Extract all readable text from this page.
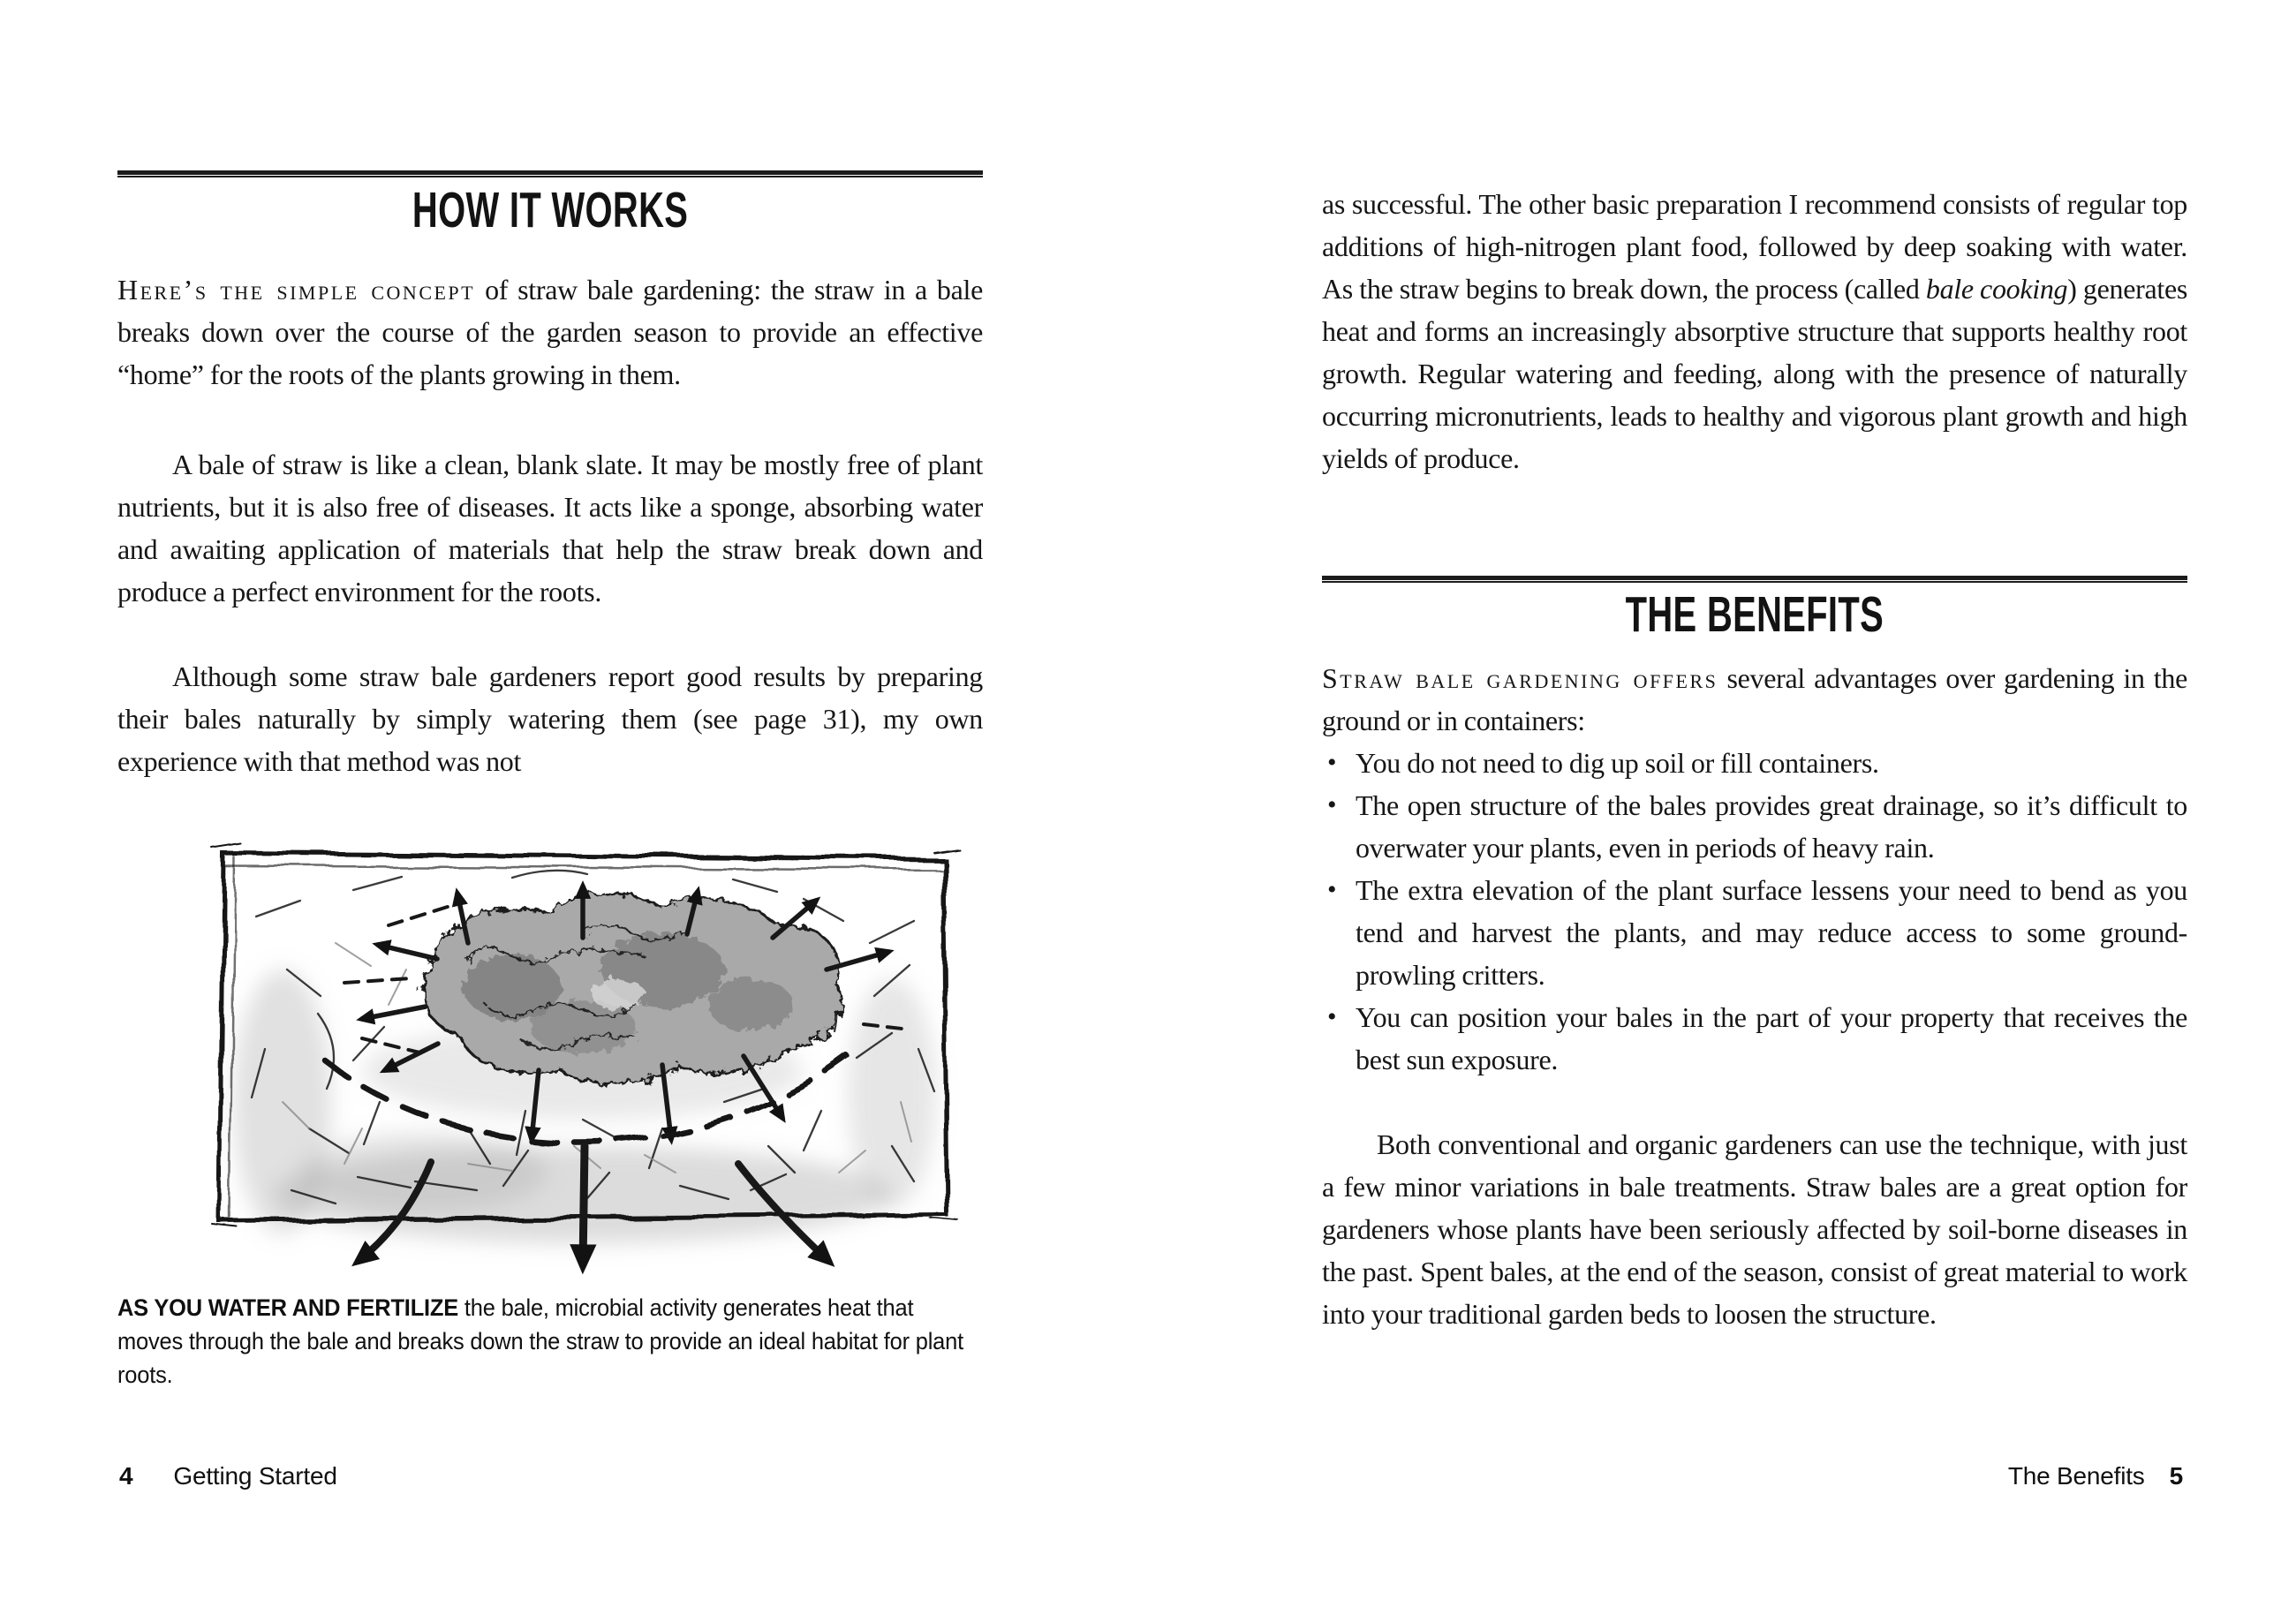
HOW IT WORKS

Here’s the simple concept of straw bale gardening: the straw in a bale breaks down over the course of the garden season to provide an effective “home” for the roots of the plants growing in them.

A bale of straw is like a clean, blank slate. It may be mostly free of plant nutrients, but it is also free of diseases. It acts like a sponge, absorbing water and awaiting application of materials that help the straw break down and produce a perfect environment for the roots.

Although some straw bale gardeners report good results by preparing their bales naturally by simply watering them (see page 31), my own experience with that method was not

AS YOU WATER AND FERTILIZE the bale, microbial activity generates heat that moves through the bale and breaks down the straw to provide an ideal habitat for plant roots.

as successful. The other basic preparation I recommend consists of regular top additions of high-nitrogen plant food, followed by deep soaking with water. As the straw begins to break down, the process (called bale cooking) generates heat and forms an increasingly absorptive structure that supports healthy root growth. Regular watering and feeding, along with the presence of naturally occurring micronutrients, leads to healthy and vigorous plant growth and high yields of produce.

THE BENEFITS

Straw bale gardening offers several advantages over gardening in the ground or in containers:

• You do not need to dig up soil or fill containers.
• The open structure of the bales provides great drainage, so it’s difficult to overwater your plants, even in periods of heavy rain.
• The extra elevation of the plant surface lessens your need to bend as you tend and harvest the plants, and may reduce access to some ground-prowling critters.
• You can position your bales in the part of your property that receives the best sun exposure.

Both conventional and organic gardeners can use the technique, with just a few minor variations in bale treatments. Straw bales are a great option for gardeners whose plants have been seriously affected by soil-borne diseases in the past. Spent bales, at the end of the season, consist of great material to work into your traditional garden beds to loosen the structure.

4 Getting Started	The Benefits 5
